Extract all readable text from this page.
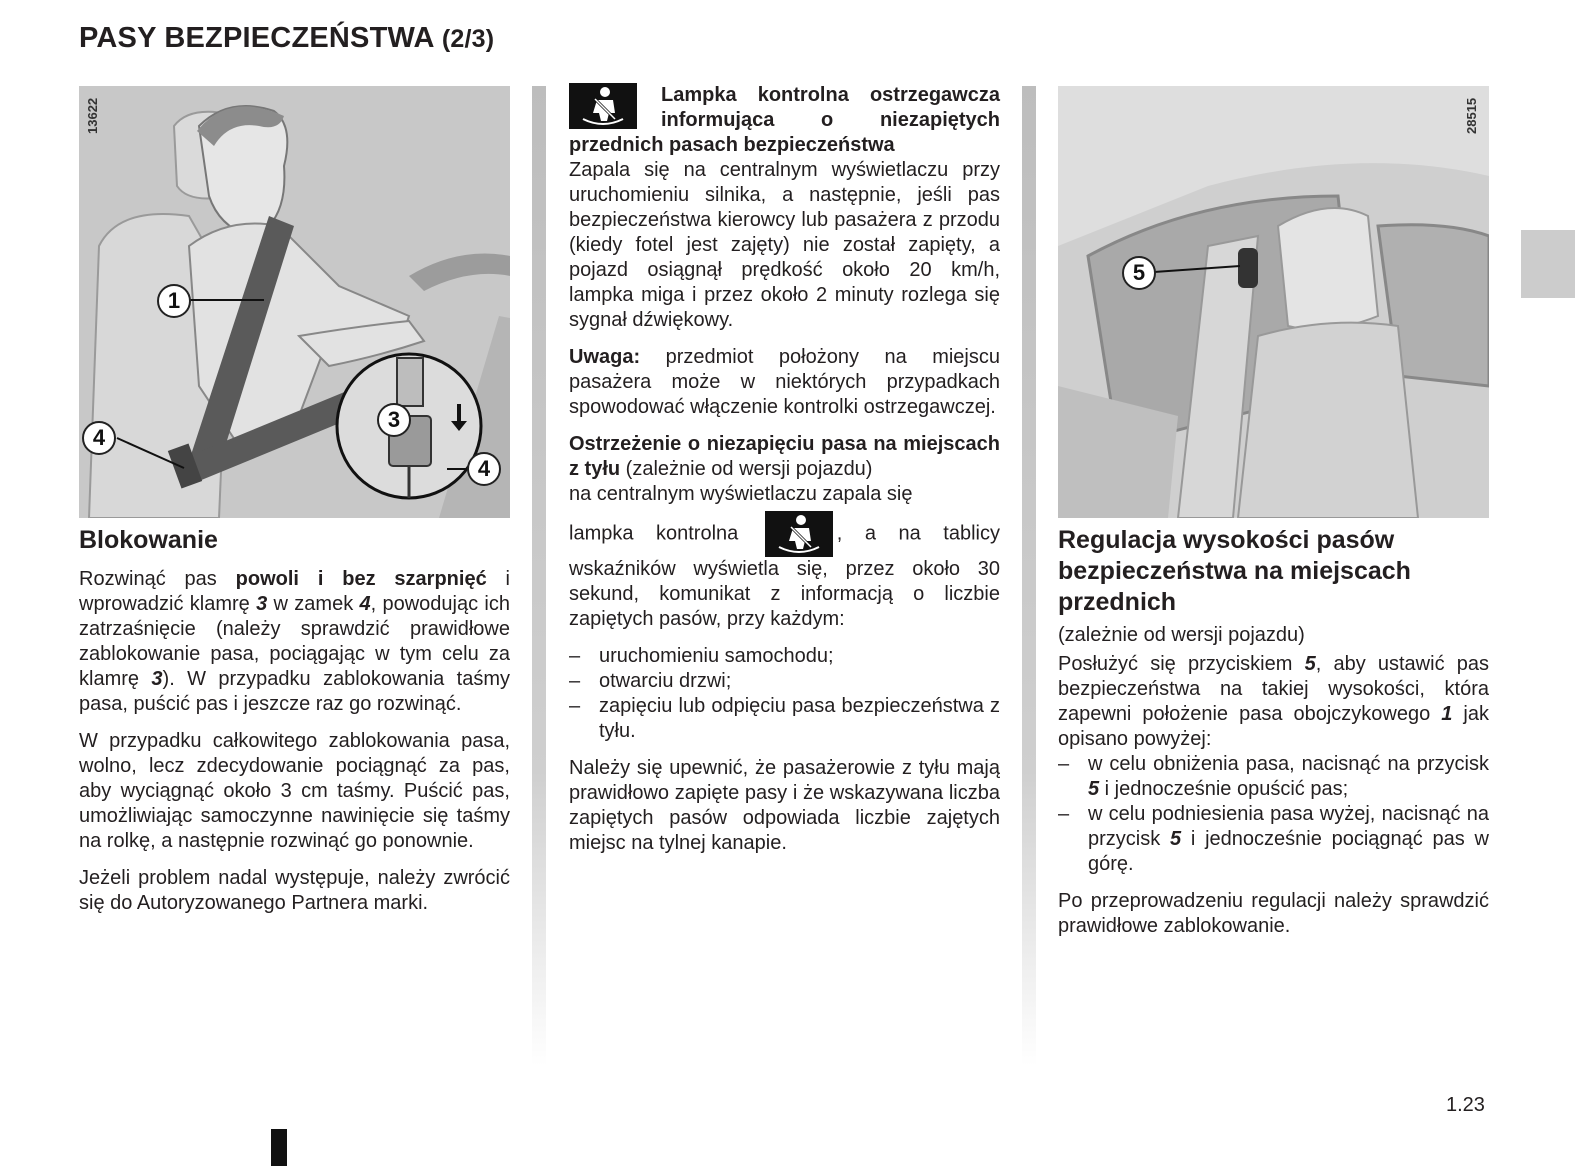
PASY BEZPIECZEŃSTWA (2/3)
13622
1
3
4
4
28515
5
Blokowanie

Rozwinąć pas powoli i bez szarpnięć i wprowadzić klamrę 3 w zamek 4, powodując ich zatrzaśnięcie (należy sprawdzić prawidłowe zablokowanie pasa, pociągając w tym celu za klamrę 3). W przypadku zablokowania taśmy pasa, puścić pas i jeszcze raz go rozwinąć.

W przypadku całkowitego zablokowania pasa, wolno, lecz zdecydowanie pociągnąć za pas, aby wyciągnąć około 3 cm taśmy. Puścić pas, umożliwiając samoczynne nawinięcie się taśmy na rolkę, a następnie rozwinąć go ponownie.

Jeżeli problem nadal występuje, należy zwrócić się do Autoryzowanego Partnera marki.

Lampka kontrolna ostrzegawcza informująca o niezapiętych przednich pasach bezpieczeństwa

Zapala się na centralnym wyświetlaczu przy uruchomieniu silnika, a następnie, jeśli pas bezpieczeństwa kierowcy lub pasażera z przodu (kiedy fotel jest zajęty) nie został zapięty, a pojazd osiągnął prędkość około 20 km/h, lampka miga i przez około 2 minuty rozlega się sygnał dźwiękowy.

Uwaga: przedmiot położony na miejscu pasażera może w niektórych przypadkach spowodować włączenie kontrolki ostrzegawczej.

Ostrzeżenie o niezapięciu pasa na miejscach z tyłu (zależnie od wersji pojazdu)
na centralnym wyświetlaczu zapala się

lampka kontrolna	, a na tablicy wskaźników wyświetla się, przez około 30 sekund, komunikat z informacją o liczbie zapiętych pasów, przy każdym:

– uruchomieniu samochodu;
– otwarciu drzwi;
– zapięciu lub odpięciu pasa bezpieczeństwa z tyłu.

Należy się upewnić, że pasażerowie z tyłu mają prawidłowo zapięte pasy i że wskazywana liczba zapiętych pasów odpowiada liczbie zajętych miejsc na tylnej kanapie.

Regulacja wysokości pasów bezpieczeństwa na miejscach przednich
(zależnie od wersji pojazdu)

Posłużyć się przyciskiem 5, aby ustawić pas bezpieczeństwa na takiej wysokości, która zapewni położenie pasa obojczykowego 1 jak opisano powyżej:

– w celu obniżenia pasa, nacisnąć na przycisk 5 i jednocześnie opuścić pas;
– w celu podniesienia pasa wyżej, nacisnąć na przycisk 5 i jednocześnie pociągnąć pas w górę.

Po przeprowadzeniu regulacji należy sprawdzić prawidłowe zablokowanie.

1.23
